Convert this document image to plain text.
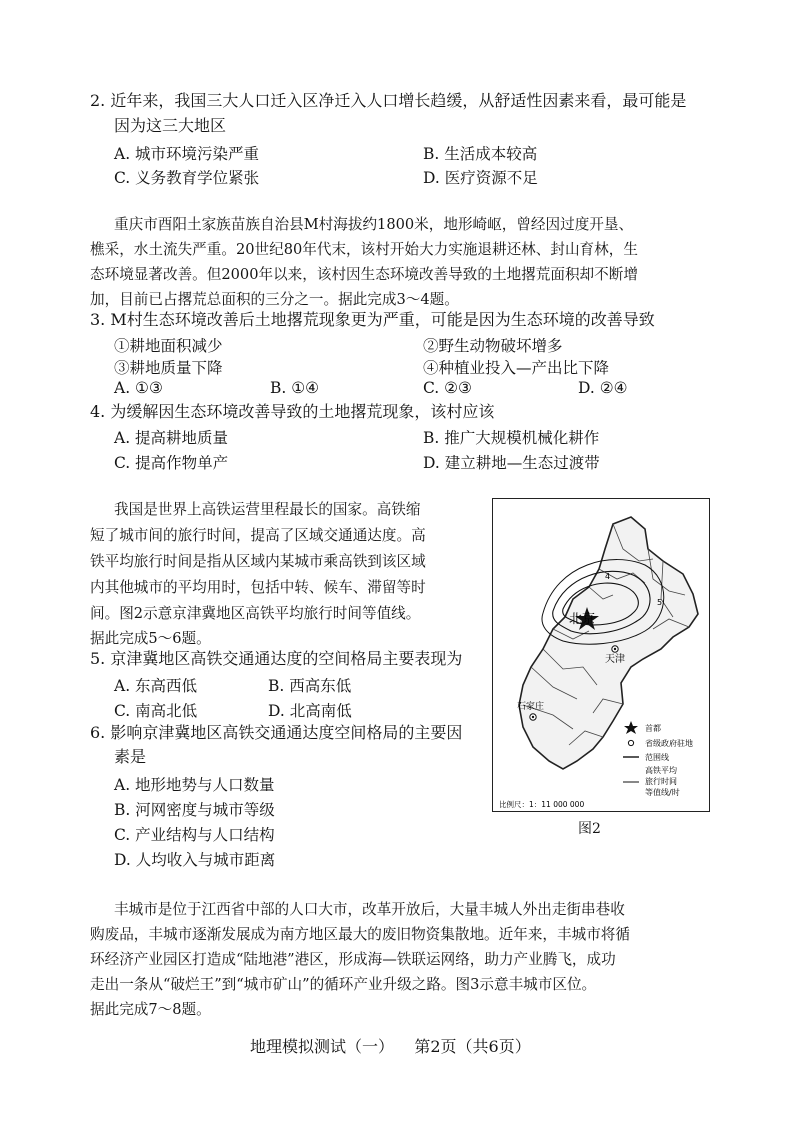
2. 近年来，我国三大人口迁入区净迁入人口增长趋缓，从舒适性因素来看，最可能是
因为这三大地区
A. 城市环境污染严重	B. 生活成本较高
C. 义务教育学位紧张	D. 医疗资源不足
重庆市酉阳土家族苗族自治县M村海拔约1800米，地形崎岖，曾经因过度开垦、
樵采，水土流失严重。20世纪80年代末，该村开始大力实施退耕还林、封山育林，生
态环境显著改善。但2000年以来，该村因生态环境改善导致的土地撂荒面积却不断增
加，目前已占撂荒总面积的三分之一。据此完成3～4题。
3. M村生态环境改善后土地撂荒现象更为严重，可能是因为生态环境的改善导致
①耕地面积减少	②野生动物破坏增多
③耕地质量下降	④种植业投入—产出比下降
A. ①③	B. ①④	C. ②③	D. ②④
4. 为缓解因生态环境改善导致的土地撂荒现象，该村应该
A. 提高耕地质量	B. 推广大规模机械化耕作
C. 提高作物单产	D. 建立耕地—生态过渡带
我国是世界上高铁运营里程最长的国家。高铁缩
短了城市间的旅行时间，提高了区域交通通达度。高
铁平均旅行时间是指从区域内某城市乘高铁到该区域
内其他城市的平均用时，包括中转、候车、滞留等时
间。图2示意京津冀地区高铁平均旅行时间等值线。
据此完成5～6题。
5. 京津冀地区高铁交通通达度的空间格局主要表现为
A. 东高西低	B. 西高东低
C. 南高北低	D. 北高南低
6. 影响京津冀地区高铁交通通达度空间格局的主要因
素是
A. 地形地势与人口数量
B. 河网密度与城市等级
C. 产业结构与人口结构
D. 人均收入与城市距离
4
5
北京
天津
石家庄
首都
省级政府驻地
范围线
高铁平均
旅行时间
等值线/时
比例尺：1：11 000 000
图2
丰城市是位于江西省中部的人口大市，改革开放后，大量丰城人外出走街串巷收
购废品，丰城市逐渐发展成为南方地区最大的废旧物资集散地。近年来，丰城市将循
环经济产业园区打造成“陆地港”港区，形成海—铁联运网络，助力产业腾飞，成功
走出一条从“破烂王”到“城市矿山”的循环产业升级之路。图3示意丰城市区位。
据此完成7～8题。
地理模拟测试（一）    第2页（共6页）
